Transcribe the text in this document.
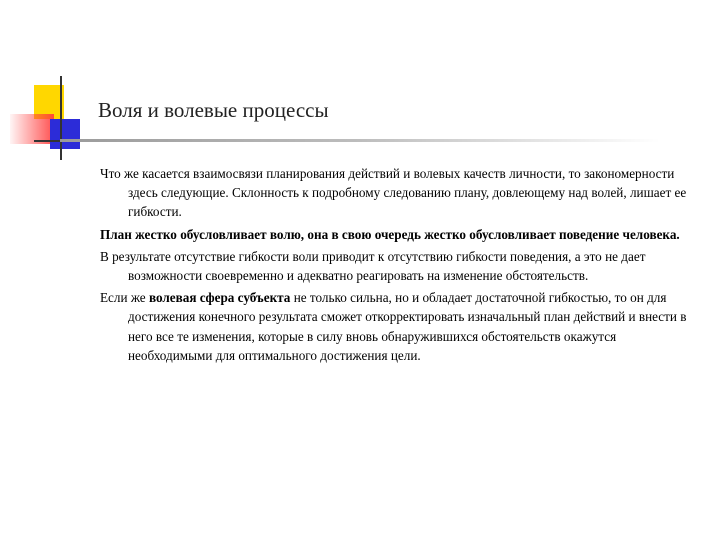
Воля и волевые процессы

Что же касается взаимосвязи планирования действий и волевых качеств личности, то закономерности здесь следующие. Склонность к подробному следованию плану, довлеющему над волей, лишает ее гибкости.

План жестко обусловливает волю, она в свою очередь жестко обусловливает поведение человека.

В результате отсутствие гибкости воли приводит к отсутствию гибкости поведения, а это не дает возможности своевременно и адекватно реагировать на изменение обстоятельств.

Если же волевая сфера субъекта не только сильна, но и обладает достаточной гибкостью, то он для достижения конечного результата сможет откорректировать изначальный план действий и внести в него все те изменения, которые в силу вновь обнаружившихся обстоятельств окажутся необходимыми для оптимального достижения цели.
